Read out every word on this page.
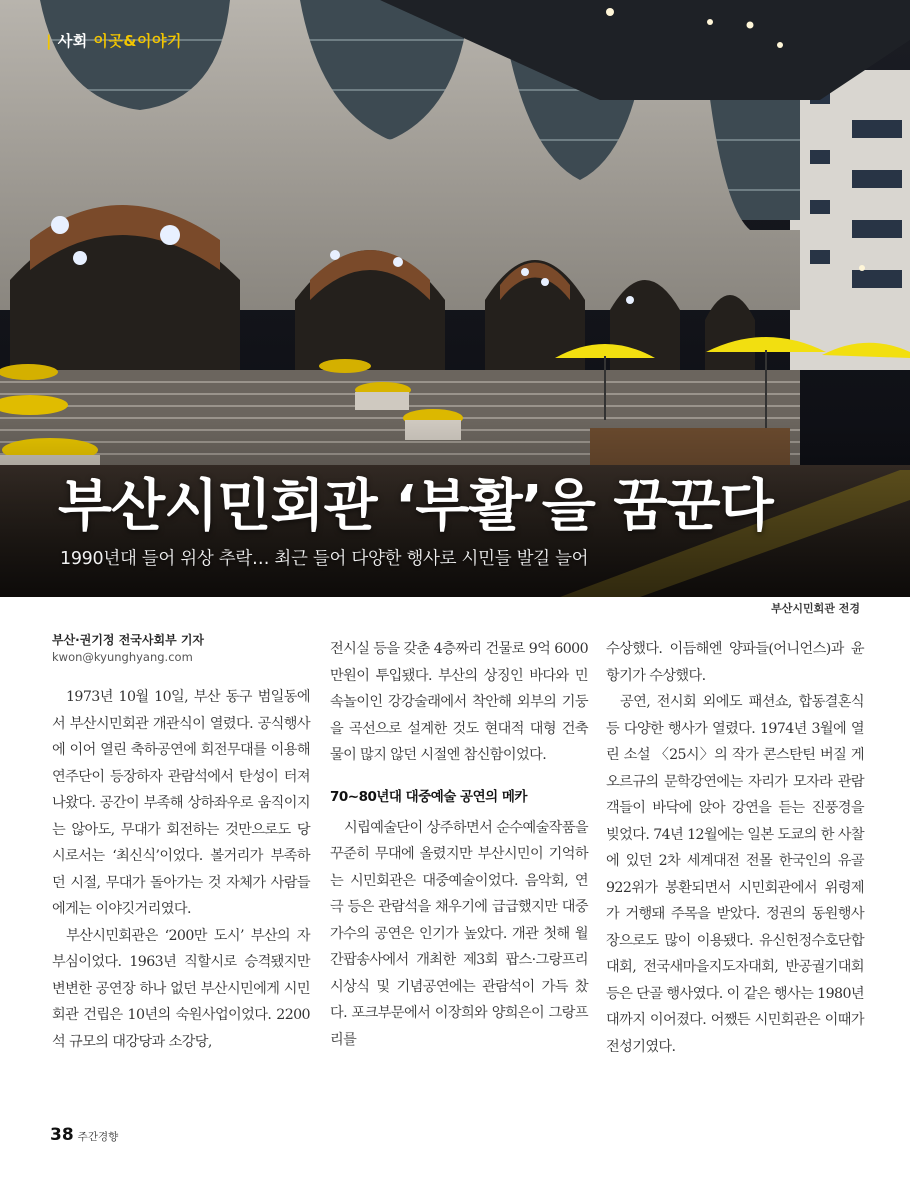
| 사회 이곳&이야기
부산시민회관 ‘부활’을 꿈꾼다
1990년대 들어 위상 추락… 최근 들어 다양한 행사로 시민들 발길 늘어
부산시민회관 전경
부산·권기정 전국사회부 기자
kwon@kyunghyang.com

1973년 10월 10일, 부산 동구 범일동에서 부산시민회관 개관식이 열렸다. 공식행사에 이어 열린 축하공연에 회전무대를 이용해 연주단이 등장하자 관람석에서 탄성이 터져 나왔다. 공간이 부족해 상하좌우로 움직이지는 않아도, 무대가 회전하는 것만으로도 당시로서는 ‘최신식’이었다. 볼거리가 부족하던 시절, 무대가 돌아가는 것 자체가 사람들에게는 이야깃거리였다.

부산시민회관은 ‘200만 도시’ 부산의 자부심이었다. 1963년 직할시로 승격됐지만 변변한 공연장 하나 없던 부산시민에게 시민회관 건립은 10년의 숙원사업이었다. 2200석 규모의 대강당과 소강당,

전시실 등을 갖춘 4층짜리 건물로 9억 6000만원이 투입됐다. 부산의 상징인 바다와 민속놀이인 강강술래에서 착안해 외부의 기둥을 곡선으로 설계한 것도 현대적 대형 건축물이 많지 않던 시절엔 참신함이었다.

70∼80년대 대중예술 공연의 메카

시립예술단이 상주하면서 순수예술작품을 꾸준히 무대에 올렸지만 부산시민이 기억하는 시민회관은 대중예술이었다. 음악회, 연극 등은 관람석을 채우기에 급급했지만 대중가수의 공연은 인기가 높았다. 개관 첫해 월간팝송사에서 개최한 제3회 팝스·그랑프리 시상식 및 기념공연에는 관람석이 가득 찼다. 포크부문에서 이장희와 양희은이 그랑프리를

수상했다. 이듬해엔 양파들(어니언스)과 윤항기가 수상했다.

공연, 전시회 외에도 패션쇼, 합동결혼식 등 다양한 행사가 열렸다. 1974년 3월에 열린 소설 〈25시〉의 작가 콘스탄틴 버질 게오르규의 문학강연에는 자리가 모자라 관람객들이 바닥에 앉아 강연을 듣는 진풍경을 빚었다. 74년 12월에는 일본 도쿄의 한 사찰에 있던 2차 세계대전 전몰 한국인의 유골 922위가 봉환되면서 시민회관에서 위령제가 거행돼 주목을 받았다. 정권의 동원행사장으로도 많이 이용됐다. 유신헌정수호단합대회, 전국새마을지도자대회, 반공궐기대회 등은 단골 행사였다. 이 같은 행사는 1980년대까지 이어졌다. 어쨌든 시민회관은 이때가 전성기였다.

38 주간경향
